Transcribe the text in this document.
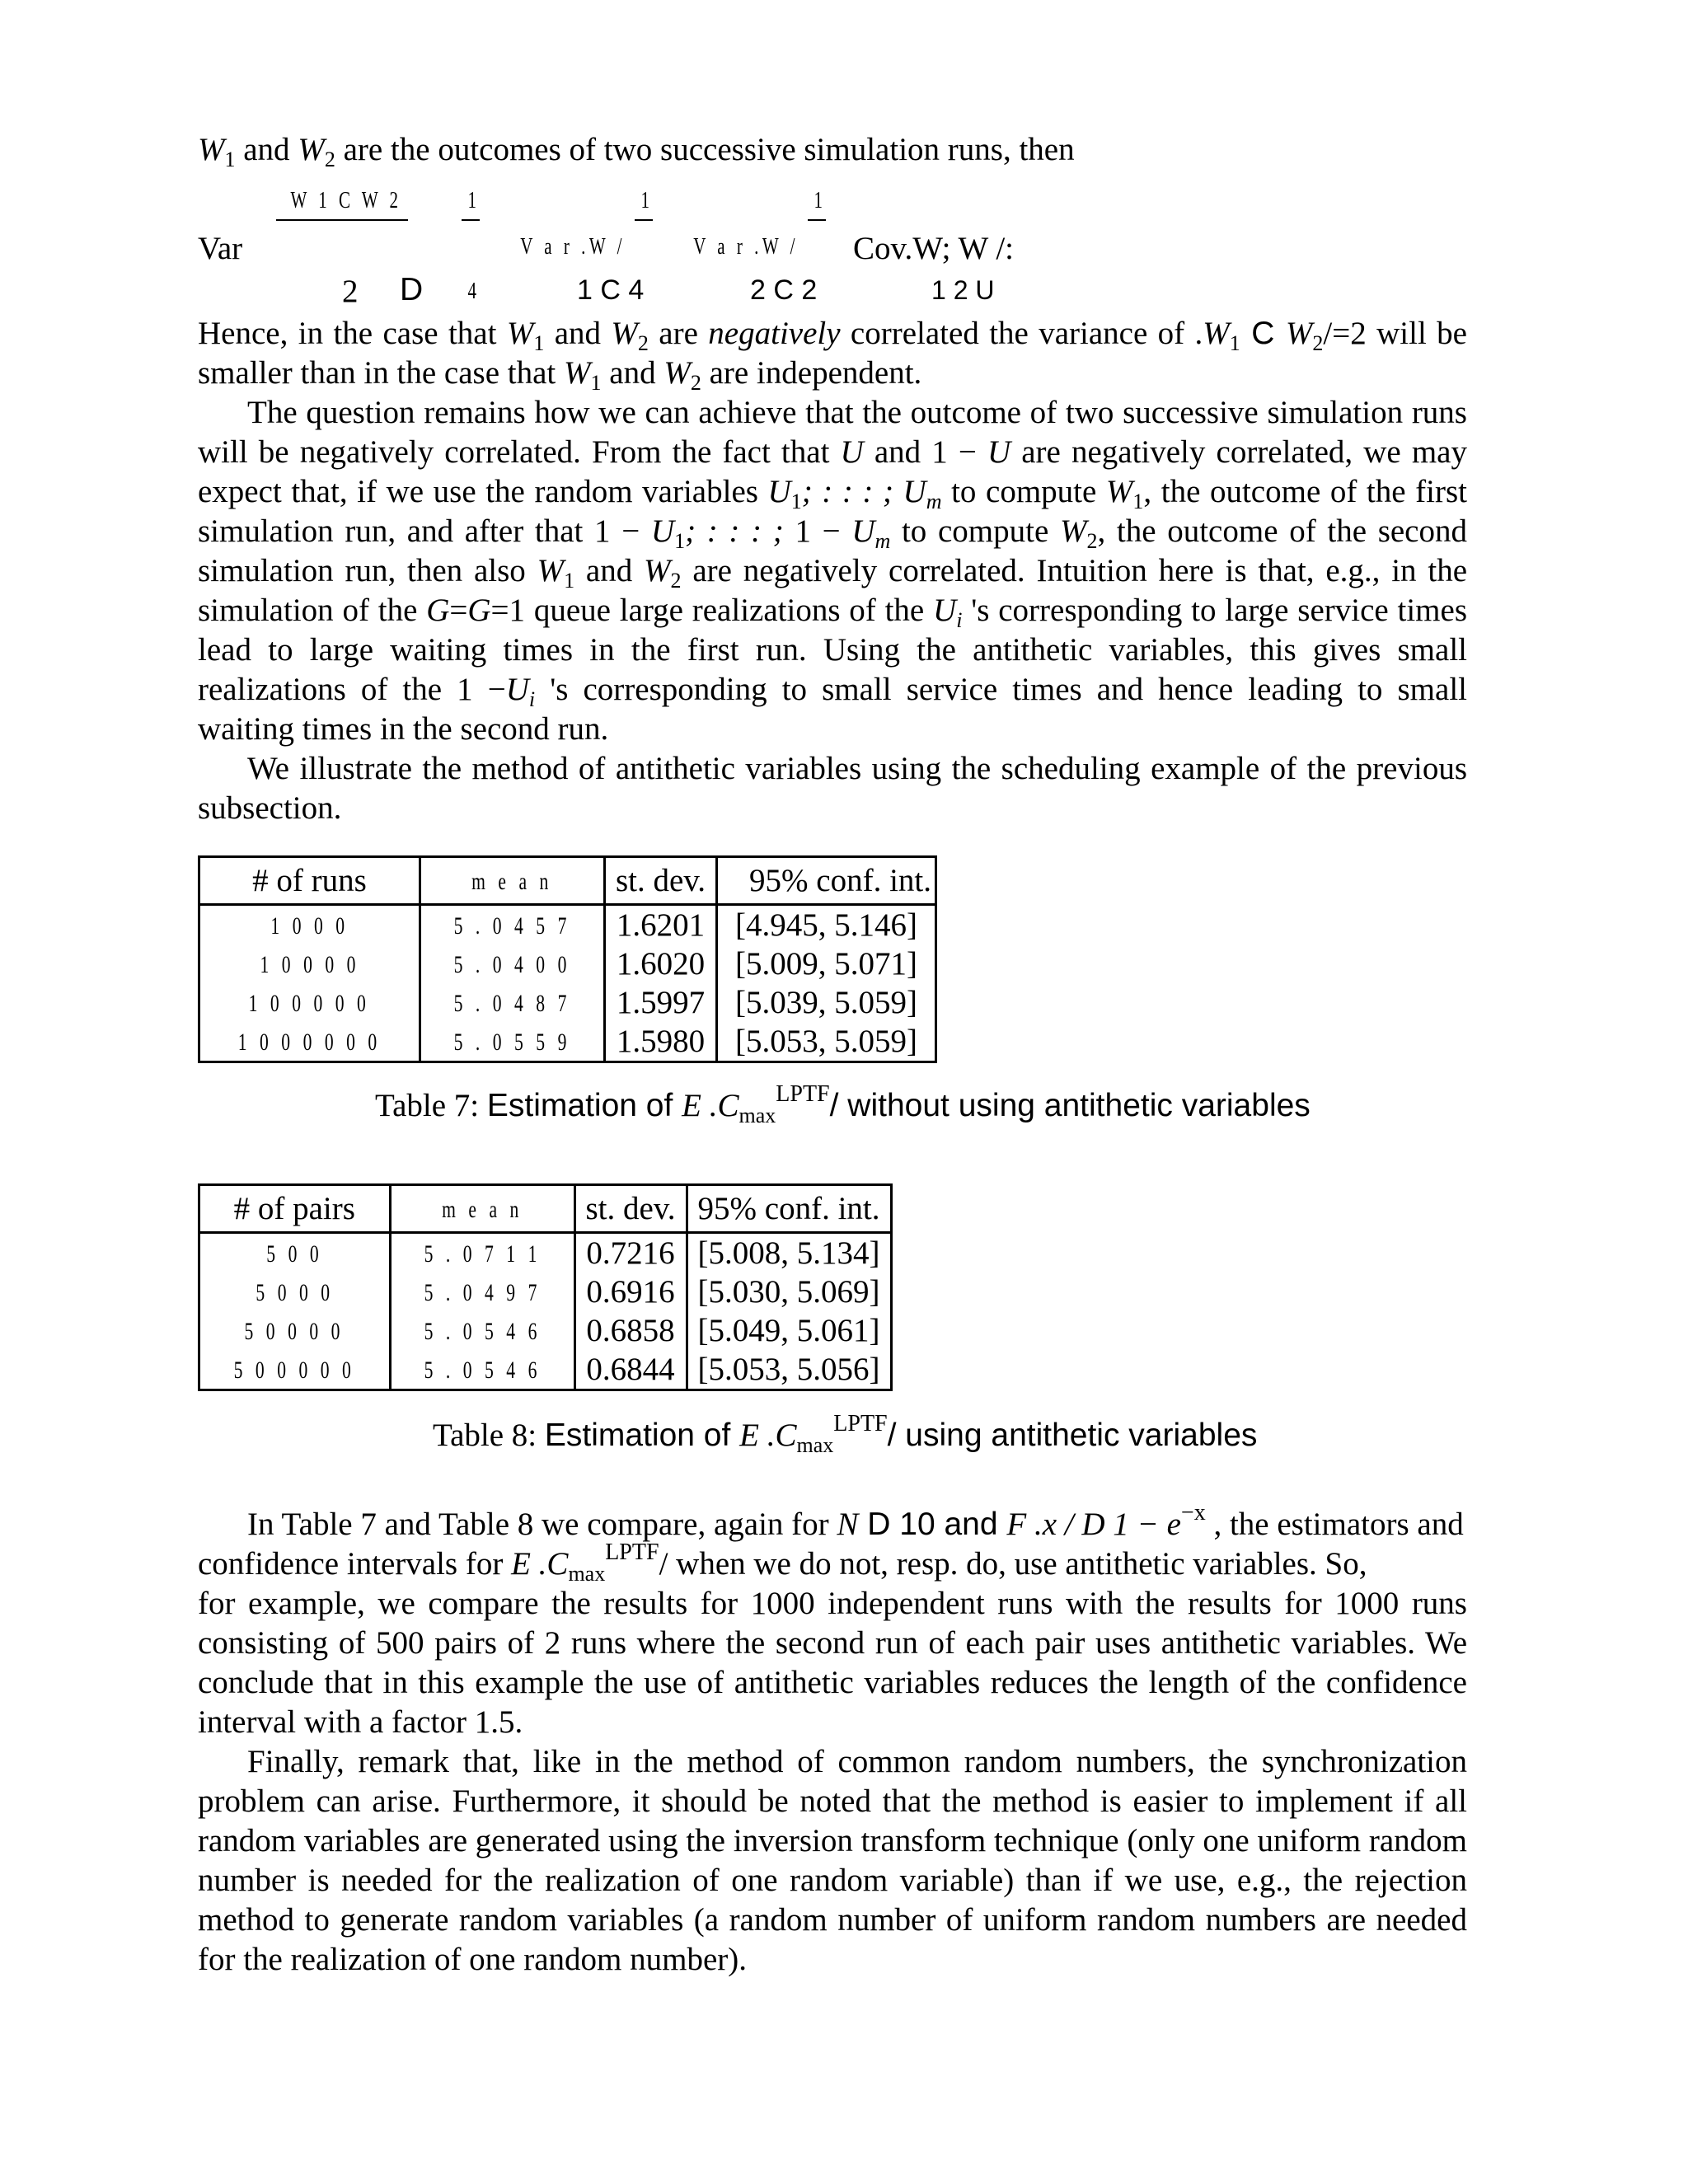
$W_1$ and $W_2$ are the outcomes of two successive simulation runs, then

Var
W 1 C W 2
2 D
1
4
V a r .W /
1
1 C 4
V a r .W /
1
2 C 2
Cov.W; W /:
1 2 U

Hence, in the case that $W_1$ and $W_2$ are negatively correlated the variance of $.W_1$ C $W_2/=2$ will be smaller than in the case that $W_1$ and $W_2$ are independent.

The question remains how we can achieve that the outcome of two successive simulation runs will be negatively correlated. From the fact that U and 1 − U are negatively correlated, we may expect that, if we use the random variables $U_1$; : : : ; $U_m$ to compute $W_1$, the outcome of the first simulation run, and after that $1 - U_1$; : : : ; $1 - U_m$ to compute $W_2$, the outcome of the second simulation run, then also $W_1$ and $W_2$ are negatively correlated. Intuition here is that, e.g., in the simulation of the G=G=1 queue large realizations of the $U_i$ 's corresponding to large service times lead to large waiting times in the first run. Using the antithetic variables, this gives small realizations of the $1 -U_i$ 's corresponding to small service times and hence leading to small waiting times in the second run.

We illustrate the method of antithetic variables using the scheduling example of the previous subsection.

# of runs	m e a n	st. dev.	95% conf. int.
1 0 0 0	5 . 0 4 5 7	1.6201	[4.945, 5.146]
1 0 0 0 0	5 . 0 4 0 0	1.6020	[5.009, 5.071]
1 0 0 0 0 0	5 . 0 4 8 7	1.5997	[5.039, 5.059]
1 0 0 0 0 0 0	5 . 0 5 5 9	1.5980	[5.053, 5.059]
Table 7: Estimation of E $.C_{max}^{LPTF}/$ without using antithetic variables
# of pairs	m e a n	st. dev.	95% conf. int.
5 0 0	5 . 0 7 1 1	0.7216	[5.008, 5.134]
5 0 0 0	5 . 0 4 9 7	0.6916	[5.030, 5.069]
5 0 0 0 0	5 . 0 5 4 6	0.6858	[5.049, 5.061]
5 0 0 0 0 0	5 . 0 5 4 6	0.6844	[5.053, 5.056]
Table 8: Estimation of E $.C_{max}^{LPTF}/$ using antithetic variables

In Table 7 and Table 8 we compare, again for N D 10 and F .x / D $1 - e^{-x}$ , the estimators and

confidence intervals for E $.C_{max}^{LPTF}/$ when we do not, resp. do, use antithetic variables. So,

for example, we compare the results for 1000 independent runs with the results for 1000 runs consisting of 500 pairs of 2 runs where the second run of each pair uses antithetic variables. We conclude that in this example the use of antithetic variables reduces the length of the confidence interval with a factor 1.5.

Finally, remark that, like in the method of common random numbers, the synchronization problem can arise. Furthermore, it should be noted that the method is easier to implement if all random variables are generated using the inversion transform technique (only one uniform random number is needed for the realization of one random variable) than if we use, e.g., the rejection method to generate random variables (a random number of uniform random numbers are needed for the realization of one random number).
